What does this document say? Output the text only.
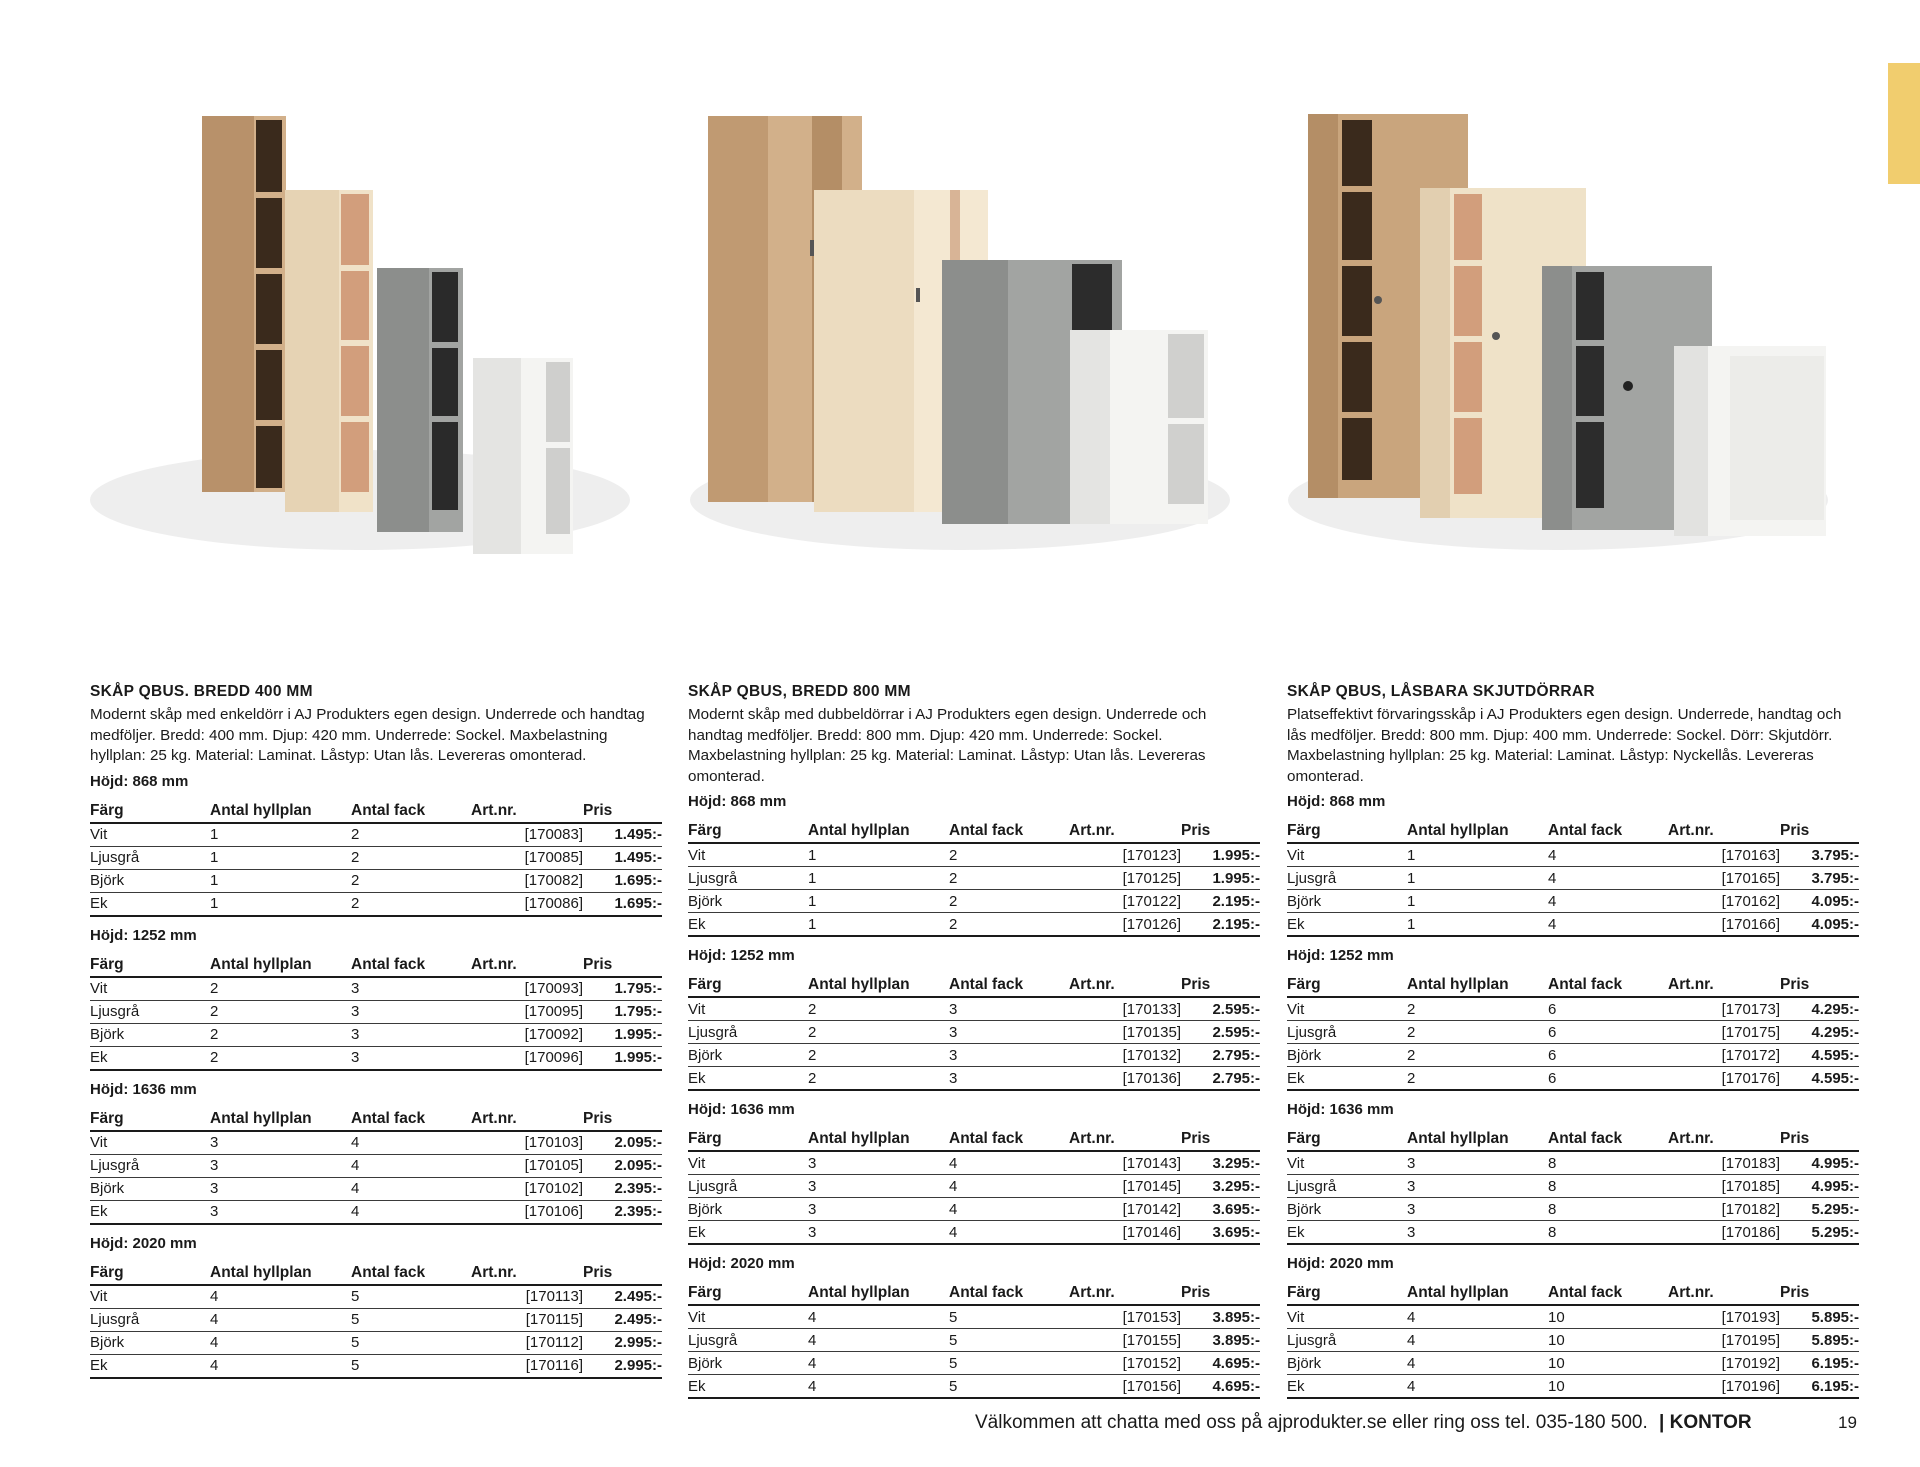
SKÅP QBUS. BREDD 400 MM

Modernt skåp med enkeldörr i AJ Produkters egen design. Underrede och handtag medföljer. Bredd: 400 mm. Djup: 420 mm. Underrede: Sockel. Maxbelastning hyllplan: 25 kg. Material: Laminat. Låstyp: Utan lås. Levereras omonterad.

Höjd: 868 mm
Färg	Antal hyllplan	Antal fack	Art.nr.	Pris
Vit	1	2	[170083]	1.495:-
Ljusgrå	1	2	[170085]	1.495:-
Björk	1	2	[170082]	1.695:-
Ek	1	2	[170086]	1.695:-
Höjd: 1252 mm
Färg	Antal hyllplan	Antal fack	Art.nr.	Pris
Vit	2	3	[170093]	1.795:-
Ljusgrå	2	3	[170095]	1.795:-
Björk	2	3	[170092]	1.995:-
Ek	2	3	[170096]	1.995:-
Höjd: 1636 mm
Färg	Antal hyllplan	Antal fack	Art.nr.	Pris
Vit	3	4	[170103]	2.095:-
Ljusgrå	3	4	[170105]	2.095:-
Björk	3	4	[170102]	2.395:-
Ek	3	4	[170106]	2.395:-
Höjd: 2020 mm
Färg	Antal hyllplan	Antal fack	Art.nr.	Pris
Vit	4	5	[170113]	2.495:-
Ljusgrå	4	5	[170115]	2.495:-
Björk	4	5	[170112]	2.995:-
Ek	4	5	[170116]	2.995:-
SKÅP QBUS, BREDD 800 MM

Modernt skåp med dubbeldörrar i AJ Produkters egen design. Underrede och handtag medföljer. Bredd: 800 mm. Djup: 420 mm. Underrede: Sockel. Maxbelastning hyllplan: 25 kg. Material: Laminat. Låstyp: Utan lås. Levereras omonterad.

Höjd: 868 mm
Färg	Antal hyllplan	Antal fack	Art.nr.	Pris
Vit	1	2	[170123]	1.995:-
Ljusgrå	1	2	[170125]	1.995:-
Björk	1	2	[170122]	2.195:-
Ek	1	2	[170126]	2.195:-
Höjd: 1252 mm
Färg	Antal hyllplan	Antal fack	Art.nr.	Pris
Vit	2	3	[170133]	2.595:-
Ljusgrå	2	3	[170135]	2.595:-
Björk	2	3	[170132]	2.795:-
Ek	2	3	[170136]	2.795:-
Höjd: 1636 mm
Färg	Antal hyllplan	Antal fack	Art.nr.	Pris
Vit	3	4	[170143]	3.295:-
Ljusgrå	3	4	[170145]	3.295:-
Björk	3	4	[170142]	3.695:-
Ek	3	4	[170146]	3.695:-
Höjd: 2020 mm
Färg	Antal hyllplan	Antal fack	Art.nr.	Pris
Vit	4	5	[170153]	3.895:-
Ljusgrå	4	5	[170155]	3.895:-
Björk	4	5	[170152]	4.695:-
Ek	4	5	[170156]	4.695:-
SKÅP QBUS, LÅSBARA SKJUTDÖRRAR

Platseffektivt förvaringsskåp i AJ Produkters egen design. Underrede, handtag och lås medföljer. Bredd: 800 mm. Djup: 400 mm. Underrede: Sockel. Dörr: Skjutdörr. Maxbelastning hyllplan: 25 kg. Material: Laminat. Låstyp: Nyckellås. Levereras omonterad.

Höjd: 868 mm
Färg	Antal hyllplan	Antal fack	Art.nr.	Pris
Vit	1	4	[170163]	3.795:-
Ljusgrå	1	4	[170165]	3.795:-
Björk	1	4	[170162]	4.095:-
Ek	1	4	[170166]	4.095:-
Höjd: 1252 mm
Färg	Antal hyllplan	Antal fack	Art.nr.	Pris
Vit	2	6	[170173]	4.295:-
Ljusgrå	2	6	[170175]	4.295:-
Björk	2	6	[170172]	4.595:-
Ek	2	6	[170176]	4.595:-
Höjd: 1636 mm
Färg	Antal hyllplan	Antal fack	Art.nr.	Pris
Vit	3	8	[170183]	4.995:-
Ljusgrå	3	8	[170185]	4.995:-
Björk	3	8	[170182]	5.295:-
Ek	3	8	[170186]	5.295:-
Höjd: 2020 mm
Färg	Antal hyllplan	Antal fack	Art.nr.	Pris
Vit	4	10	[170193]	5.895:-
Ljusgrå	4	10	[170195]	5.895:-
Björk	4	10	[170192]	6.195:-
Ek	4	10	[170196]	6.195:-
Välkommen att chatta med oss på ajprodukter.se eller ring oss tel. 035-180 500. | KONTOR	19
